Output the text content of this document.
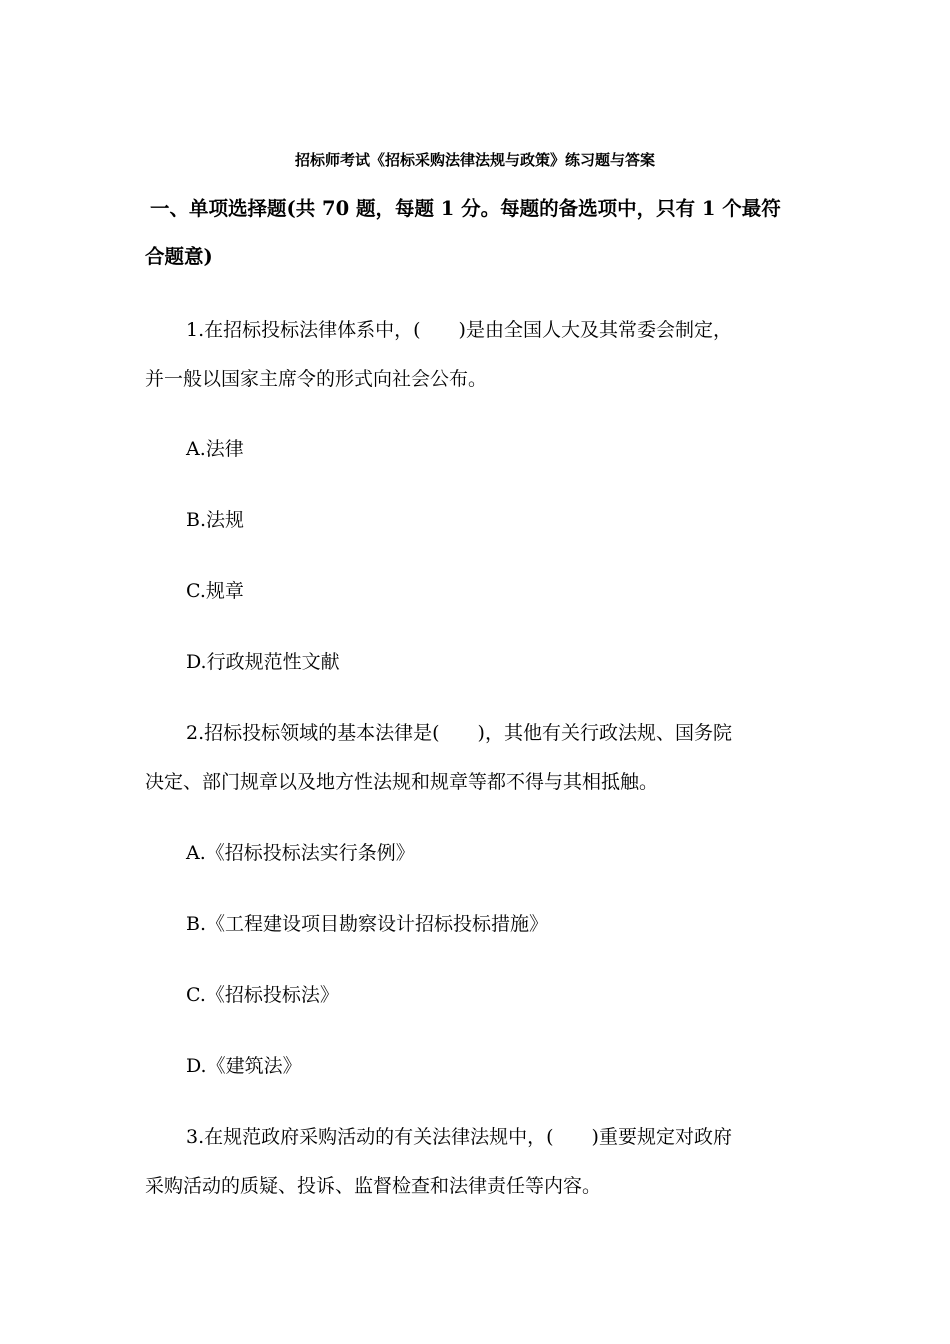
招标师考试《招标采购法律法规与政策》练习题与答案
一、单项选择题(共 70 题，每题 1 分。每题的备选项中，只有 1 个最符
合题意)
1.在招标投标法律体系中，(　　)是由全国人大及其常委会制定，
并一般以国家主席令的形式向社会公布。
A.法律
B.法规
C.规章
D.行政规范性文献
2.招标投标领域的基本法律是(　　)，其他有关行政法规、国务院
决定、部门规章以及地方性法规和规章等都不得与其相抵触。
A.《招标投标法实行条例》
B.《工程建设项目勘察设计招标投标措施》
C.《招标投标法》
D.《建筑法》
3.在规范政府采购活动的有关法律法规中，(　　)重要规定对政府
采购活动的质疑、投诉、监督检查和法律责任等内容。
